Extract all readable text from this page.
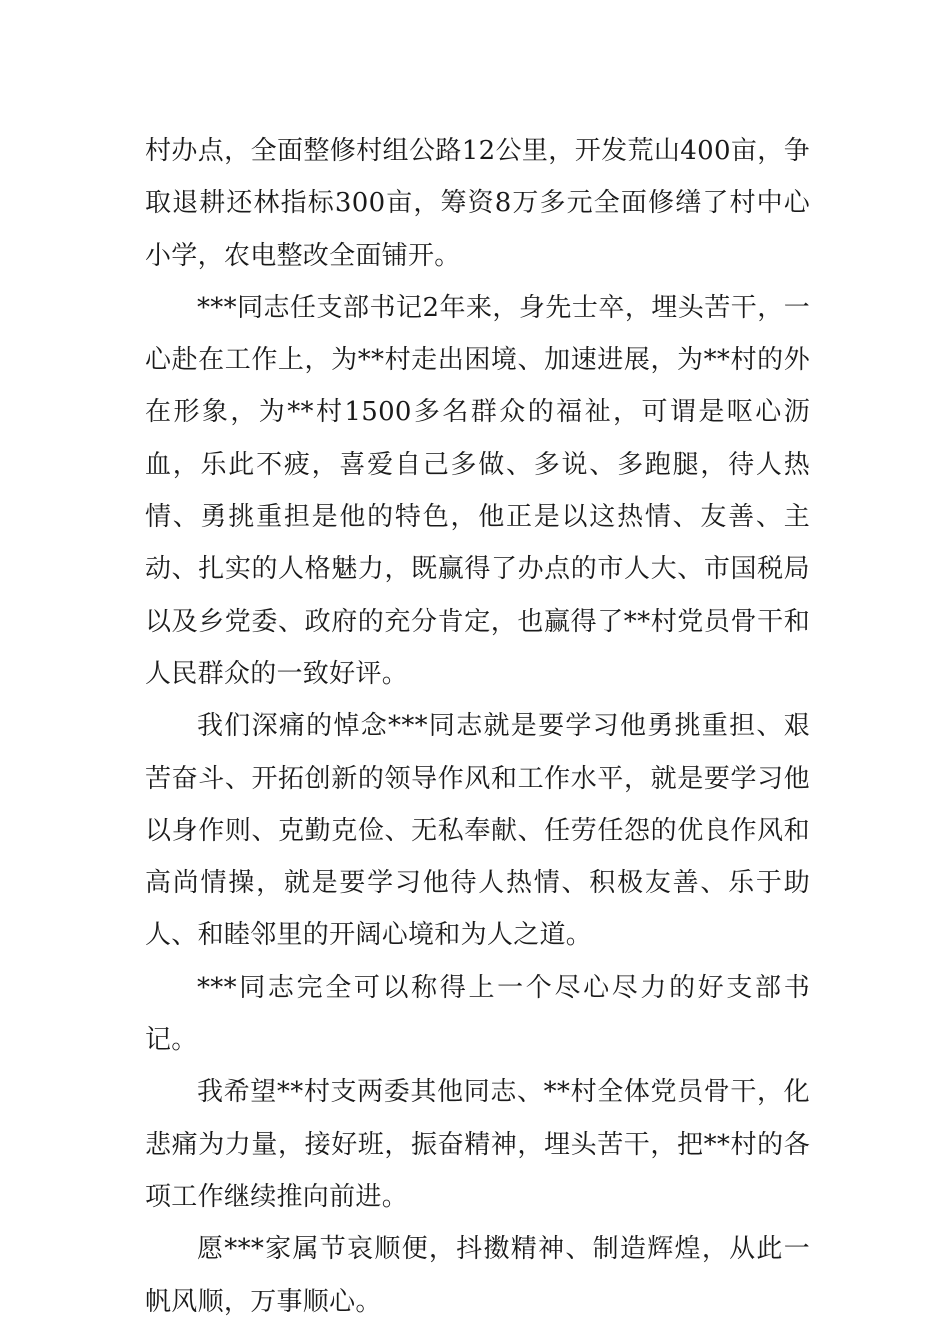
村办点，全面整修村组公路12公里，开发荒山400亩，争取退耕还林指标300亩，筹资8万多元全面修缮了村中心小学，农电整改全面铺开。

***同志任支部书记2年来，身先士卒，埋头苦干，一心赴在工作上，为**村走出困境、加速进展，为**村的外在形象，为**村1500多名群众的福祉，可谓是呕心沥血，乐此不疲，喜爱自己多做、多说、多跑腿，待人热情、勇挑重担是他的特色，他正是以这热情、友善、主动、扎实的人格魅力，既赢得了办点的市人大、市国税局以及乡党委、政府的充分肯定，也赢得了**村党员骨干和人民群众的一致好评。

我们深痛的悼念***同志就是要学习他勇挑重担、艰苦奋斗、开拓创新的领导作风和工作水平，就是要学习他以身作则、克勤克俭、无私奉献、任劳任怨的优良作风和高尚情操，就是要学习他待人热情、积极友善、乐于助人、和睦邻里的开阔心境和为人之道。

***同志完全可以称得上一个尽心尽力的好支部书记。

我希望**村支两委其他同志、**村全体党员骨干，化悲痛为力量，接好班，振奋精神，埋头苦干，把**村的各项工作继续推向前进。

愿***家属节哀顺便，抖擞精神、制造辉煌，从此一帆风顺，万事顺心。
